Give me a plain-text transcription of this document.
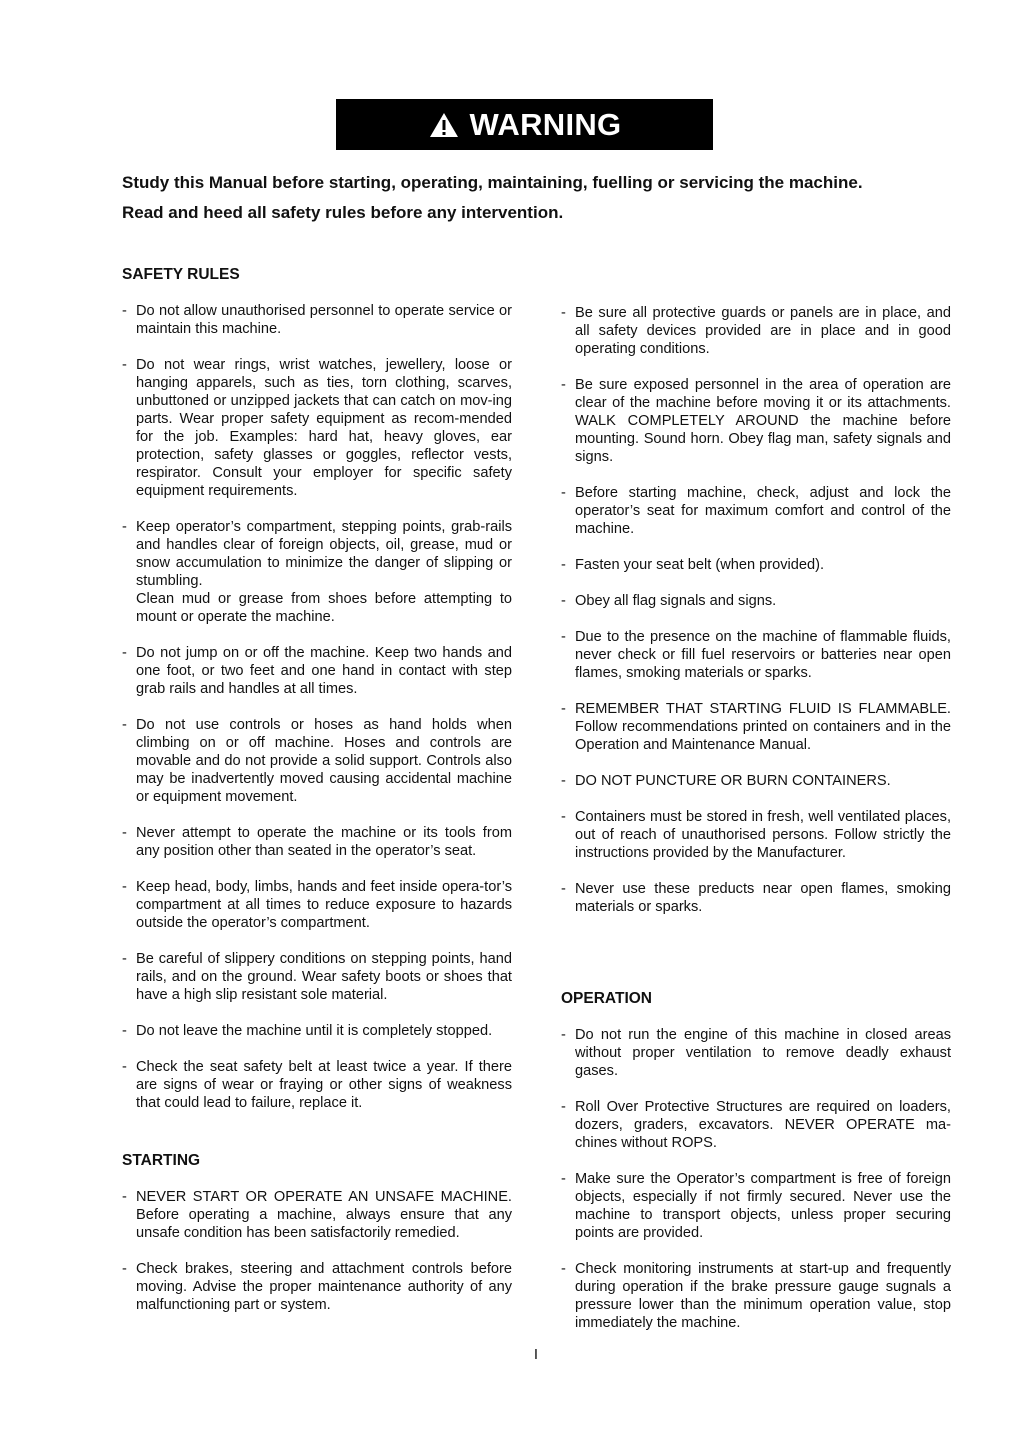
WARNING

Study this Manual before starting, operating, maintaining, fuelling or servicing the machine.

Read and heed all safety rules before any intervention.

SAFETY RULES
- Do not allow unauthorised personnel to operate service or maintain this machine.
- Do not wear rings, wrist watches, jewellery, loose or hanging apparels, such as ties, torn clothing, scarves, unbuttoned or unzipped jackets that can catch on mov-ing parts. Wear proper safety equipment as recom-mended for the job. Examples: hard hat, heavy gloves, ear protection, safety glasses or goggles, reflector vests, respirator. Consult your employer for specific safety equipment requirements.
- Keep operator’s compartment, stepping points, grab-rails and handles clear of foreign objects, oil, grease, mud or snow accumulation to minimize the danger of slipping or stumbling.
Clean mud or grease from shoes before attempting to mount or operate the machine.
- Do not jump on or off the machine. Keep two hands and one foot, or two feet and one hand in contact with step grab rails and handles at all times.
- Do not use controls or hoses as hand holds when climbing on or off machine. Hoses and controls are movable and do not provide a solid support. Controls also may be inadvertently moved causing accidental machine or equipment movement.
- Never attempt to operate the machine or its tools from any position other than seated in the operator’s seat.
- Keep head, body, limbs, hands and feet inside opera-tor’s compartment at all times to reduce exposure to hazards outside the operator’s compartment.
- Be careful of slippery conditions on stepping points, hand rails, and on the ground. Wear safety boots or shoes that have a high slip resistant sole material.
- Do not leave the machine until it is completely stopped.
- Check the seat safety belt at least twice a year. If there are signs of wear or fraying or other signs of weakness that could lead to failure, replace it.
STARTING
- NEVER START OR OPERATE AN UNSAFE MACHINE. Before operating a machine, always ensure that any unsafe condition has been satisfactorily remedied.
- Check brakes, steering and attachment controls before moving. Advise the proper maintenance authority of any malfunctioning part or system.
- Be sure all protective guards or panels are in place, and all safety devices provided are in place and in good operating conditions.
- Be sure exposed personnel in the area of operation are clear of the machine before moving it or its attachments. WALK COMPLETELY AROUND the machine before mounting. Sound horn. Obey flag man, safety signals and signs.
- Before starting machine, check, adjust and lock the operator’s seat for maximum comfort and control of the machine.
- Fasten your seat belt (when provided).
- Obey all flag signals and signs.
- Due to the presence on the machine of flammable fluids, never check or fill fuel reservoirs or batteries near open flames, smoking materials or sparks.
- REMEMBER THAT STARTING FLUID IS FLAMMABLE. Follow recommendations printed on containers and in the Operation and Maintenance Manual.
- DO NOT PUNCTURE OR BURN CONTAINERS.
- Containers must be stored in fresh, well ventilated places, out of reach of unauthorised persons. Follow strictly the instructions provided by the Manufacturer.
- Never use these preducts near open flames, smoking materials or sparks.
OPERATION
- Do not run the engine of this machine in closed areas without proper ventilation to remove deadly exhaust gases.
- Roll Over Protective Structures are required on loaders, dozers, graders, excavators. NEVER OPERATE ma-chines without ROPS.
- Make sure the Operator’s compartment is free of foreign objects, especially if not firmly secured. Never use the machine to transport objects, unless proper securing points are provided.
- Check monitoring instruments at start-up and frequently during operation if the brake pressure gauge sugnals a pressure lower than the minimum operation value, stop immediately the machine.
I
